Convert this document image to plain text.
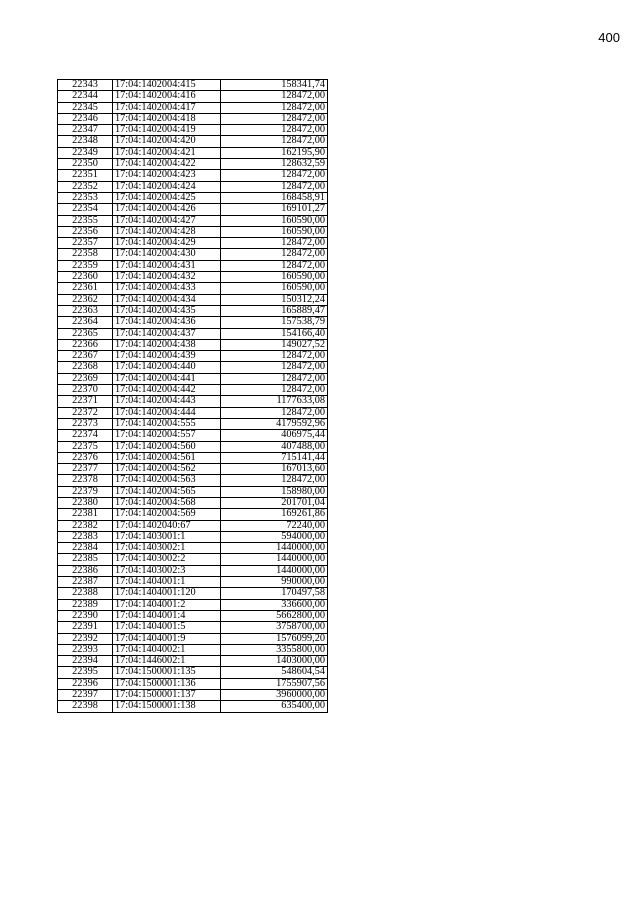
400
22343	17:04:1402004:415	158341,74
22344	17:04:1402004:416	128472,00
22345	17:04:1402004:417	128472,00
22346	17:04:1402004:418	128472,00
22347	17:04:1402004:419	128472,00
22348	17:04:1402004:420	128472,00
22349	17:04:1402004:421	162195,90
22350	17:04:1402004:422	128632,59
22351	17:04:1402004:423	128472,00
22352	17:04:1402004:424	128472,00
22353	17:04:1402004:425	168458,91
22354	17:04:1402004:426	169101,27
22355	17:04:1402004:427	160590,00
22356	17:04:1402004:428	160590,00
22357	17:04:1402004:429	128472,00
22358	17:04:1402004:430	128472,00
22359	17:04:1402004:431	128472,00
22360	17:04:1402004:432	160590,00
22361	17:04:1402004:433	160590,00
22362	17:04:1402004:434	150312,24
22363	17:04:1402004:435	165889,47
22364	17:04:1402004:436	157538,79
22365	17:04:1402004:437	154166,40
22366	17:04:1402004:438	149027,52
22367	17:04:1402004:439	128472,00
22368	17:04:1402004:440	128472,00
22369	17:04:1402004:441	128472,00
22370	17:04:1402004:442	128472,00
22371	17:04:1402004:443	1177633,08
22372	17:04:1402004:444	128472,00
22373	17:04:1402004:555	4179592,96
22374	17:04:1402004:557	406975,44
22375	17:04:1402004:560	407488,00
22376	17:04:1402004:561	715141,44
22377	17:04:1402004:562	167013,60
22378	17:04:1402004:563	128472,00
22379	17:04:1402004:565	158980,00
22380	17:04:1402004:568	201701,04
22381	17:04:1402004:569	169261,86
22382	17:04:1402040:67	72240,00
22383	17:04:1403001:1	594000,00
22384	17:04:1403002:1	1440000,00
22385	17:04:1403002:2	1440000,00
22386	17:04:1403002:3	1440000,00
22387	17:04:1404001:1	990000,00
22388	17:04:1404001:120	170497,58
22389	17:04:1404001:2	336600,00
22390	17:04:1404001:4	5662800,00
22391	17:04:1404001:5	3758700,00
22392	17:04:1404001:9	1576099,20
22393	17:04:1404002:1	3355800,00
22394	17:04:1446002:1	1403000,00
22395	17:04:1500001:135	548604,54
22396	17:04:1500001:136	1755907,56
22397	17:04:1500001:137	3960000,00
22398	17:04:1500001:138	635400,00
